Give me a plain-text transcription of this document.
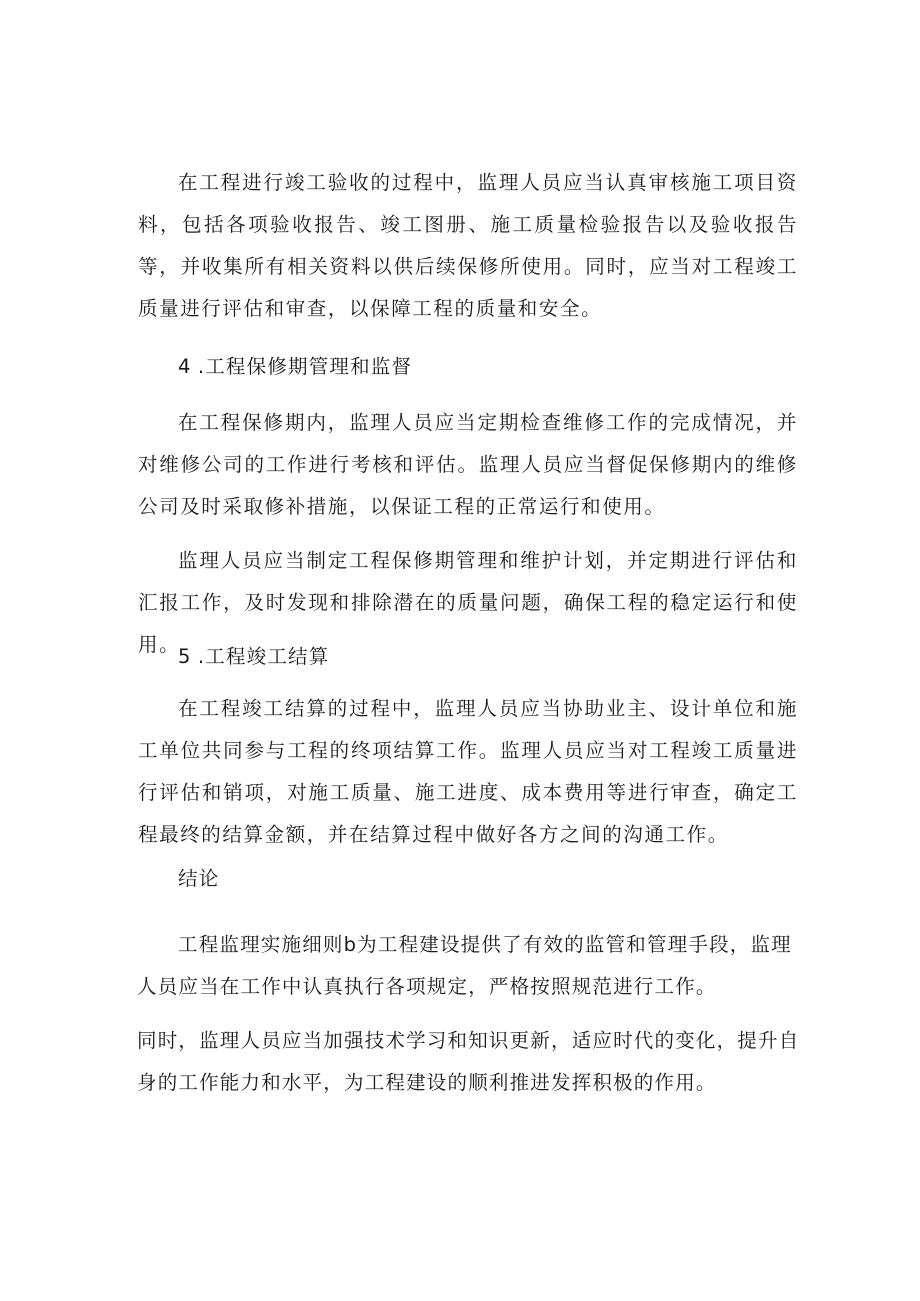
在工程进行竣工验收的过程中，监理人员应当认真审核施工项目资料，包括各项验收报告、竣工图册、施工质量检验报告以及验收报告等，并收集所有相关资料以供后续保修所使用。同时，应当对工程竣工质量进行评估和审查，以保障工程的质量和安全。

4 .工程保修期管理和监督

在工程保修期内，监理人员应当定期检查维修工作的完成情况，并对维修公司的工作进行考核和评估。监理人员应当督促保修期内的维修公司及时采取修补措施，以保证工程的正常运行和使用。

监理人员应当制定工程保修期管理和维护计划，并定期进行评估和汇报工作，及时发现和排除潜在的质量问题，确保工程的稳定运行和使用。

5 .工程竣工结算

在工程竣工结算的过程中，监理人员应当协助业主、设计单位和施工单位共同参与工程的终项结算工作。监理人员应当对工程竣工质量进行评估和销项，对施工质量、施工进度、成本费用等进行审查，确定工程最终的结算金额，并在结算过程中做好各方之间的沟通工作。

结论
工程监理实施细则b为工程建设提供了有效的监管和管理手段，监理
人员应当在工作中认真执行各项规定，严格按照规范进行工作。
同时，监理人员应当加强技术学习和知识更新，适应时代的变化，提升自
身的工作能力和水平，为工程建设的顺利推进发挥积极的作用。
